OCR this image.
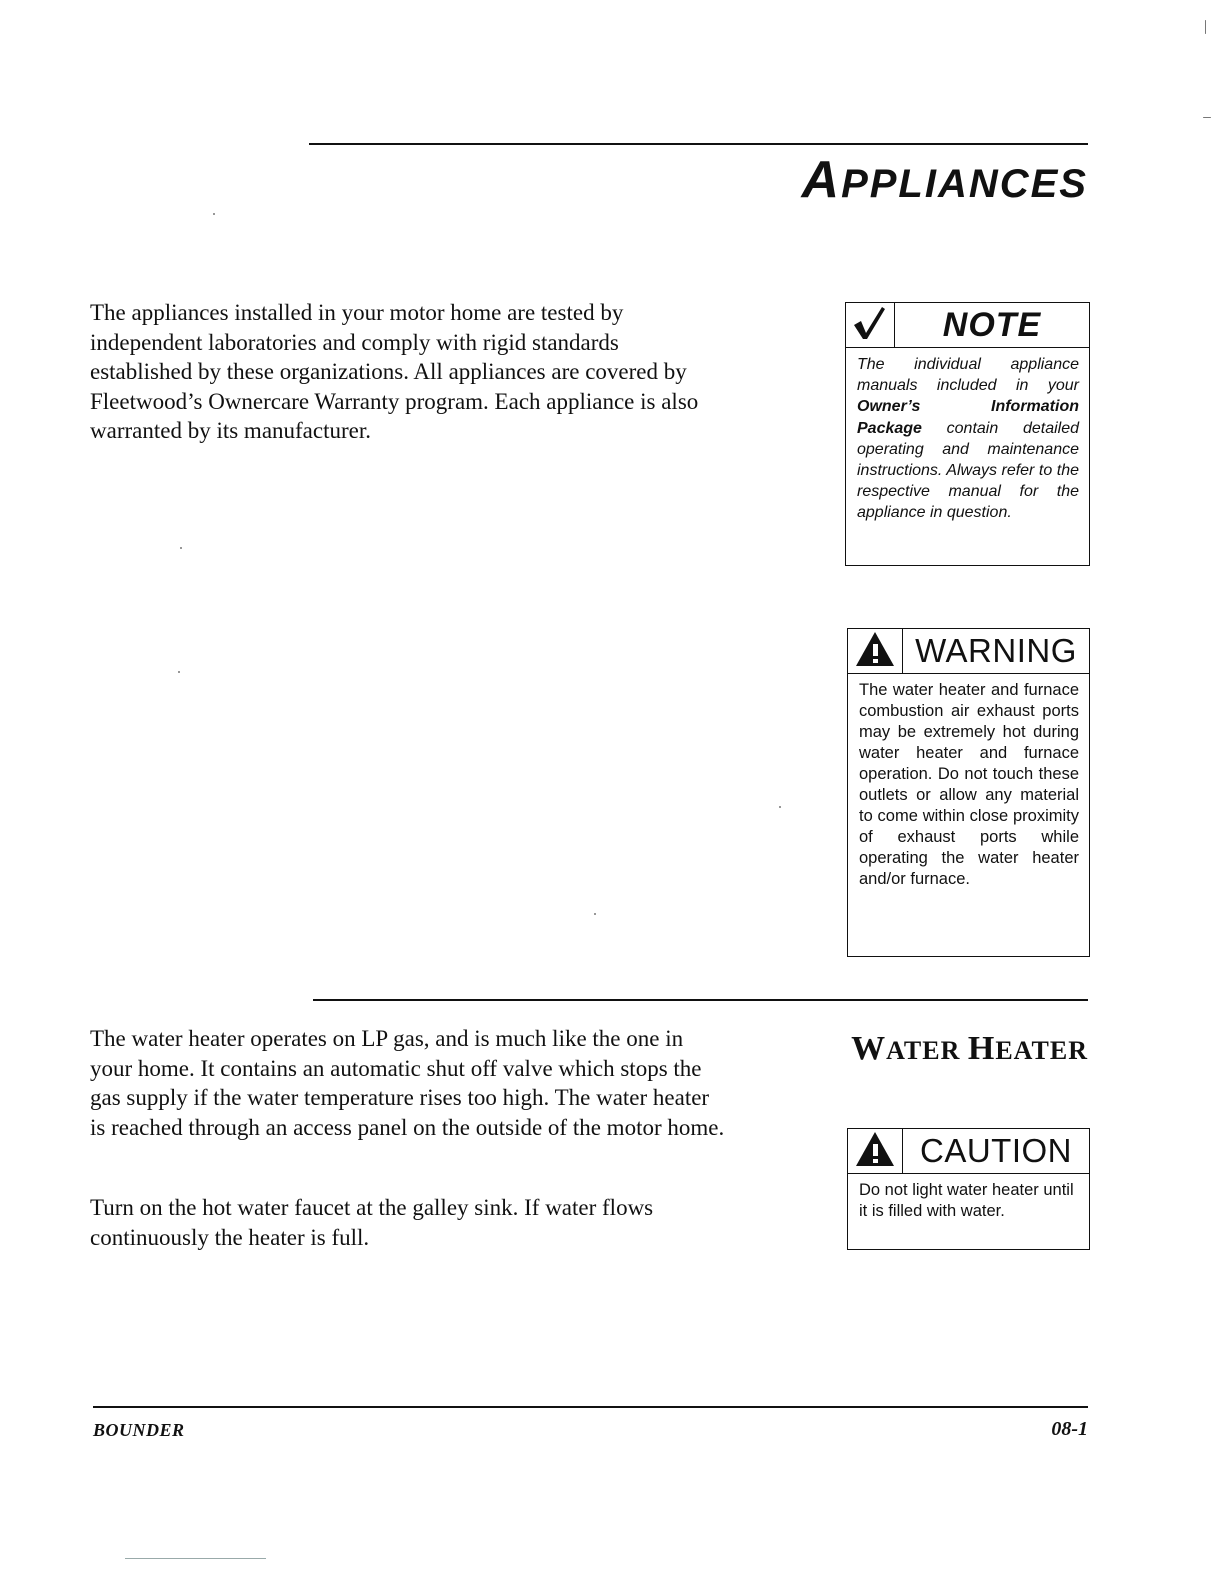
APPLIANCES
The appliances installed in your motor home are tested by independent laboratories and comply with rigid standards established by these organizations. All appliances are covered by Fleetwood’s Ownercare Warranty program. Each appliance is also warranted by its manufacturer.
NOTE
The individual appliance manuals included in your Owner’s Information Package contain detailed operating and maintenance instructions. Always refer to the respective manual for the appliance in question.
WARNING
The water heater and furnace combustion air exhaust ports may be extremely hot during water heater and furnace operation. Do not touch these outlets or allow any material to come within close proximity of exhaust ports while operating the water heater and/or furnace.
The water heater operates on LP gas, and is much like the one in your home. It contains an automatic shut off valve which stops the gas supply if the water temperature rises too high. The water heater is reached through an access panel on the outside of the motor home.
Turn on the hot water faucet at the galley sink. If water flows continuously the heater is full.
WATER HEATER
CAUTION
Do not light water heater until it is filled with water.
BOUNDER	08-1
